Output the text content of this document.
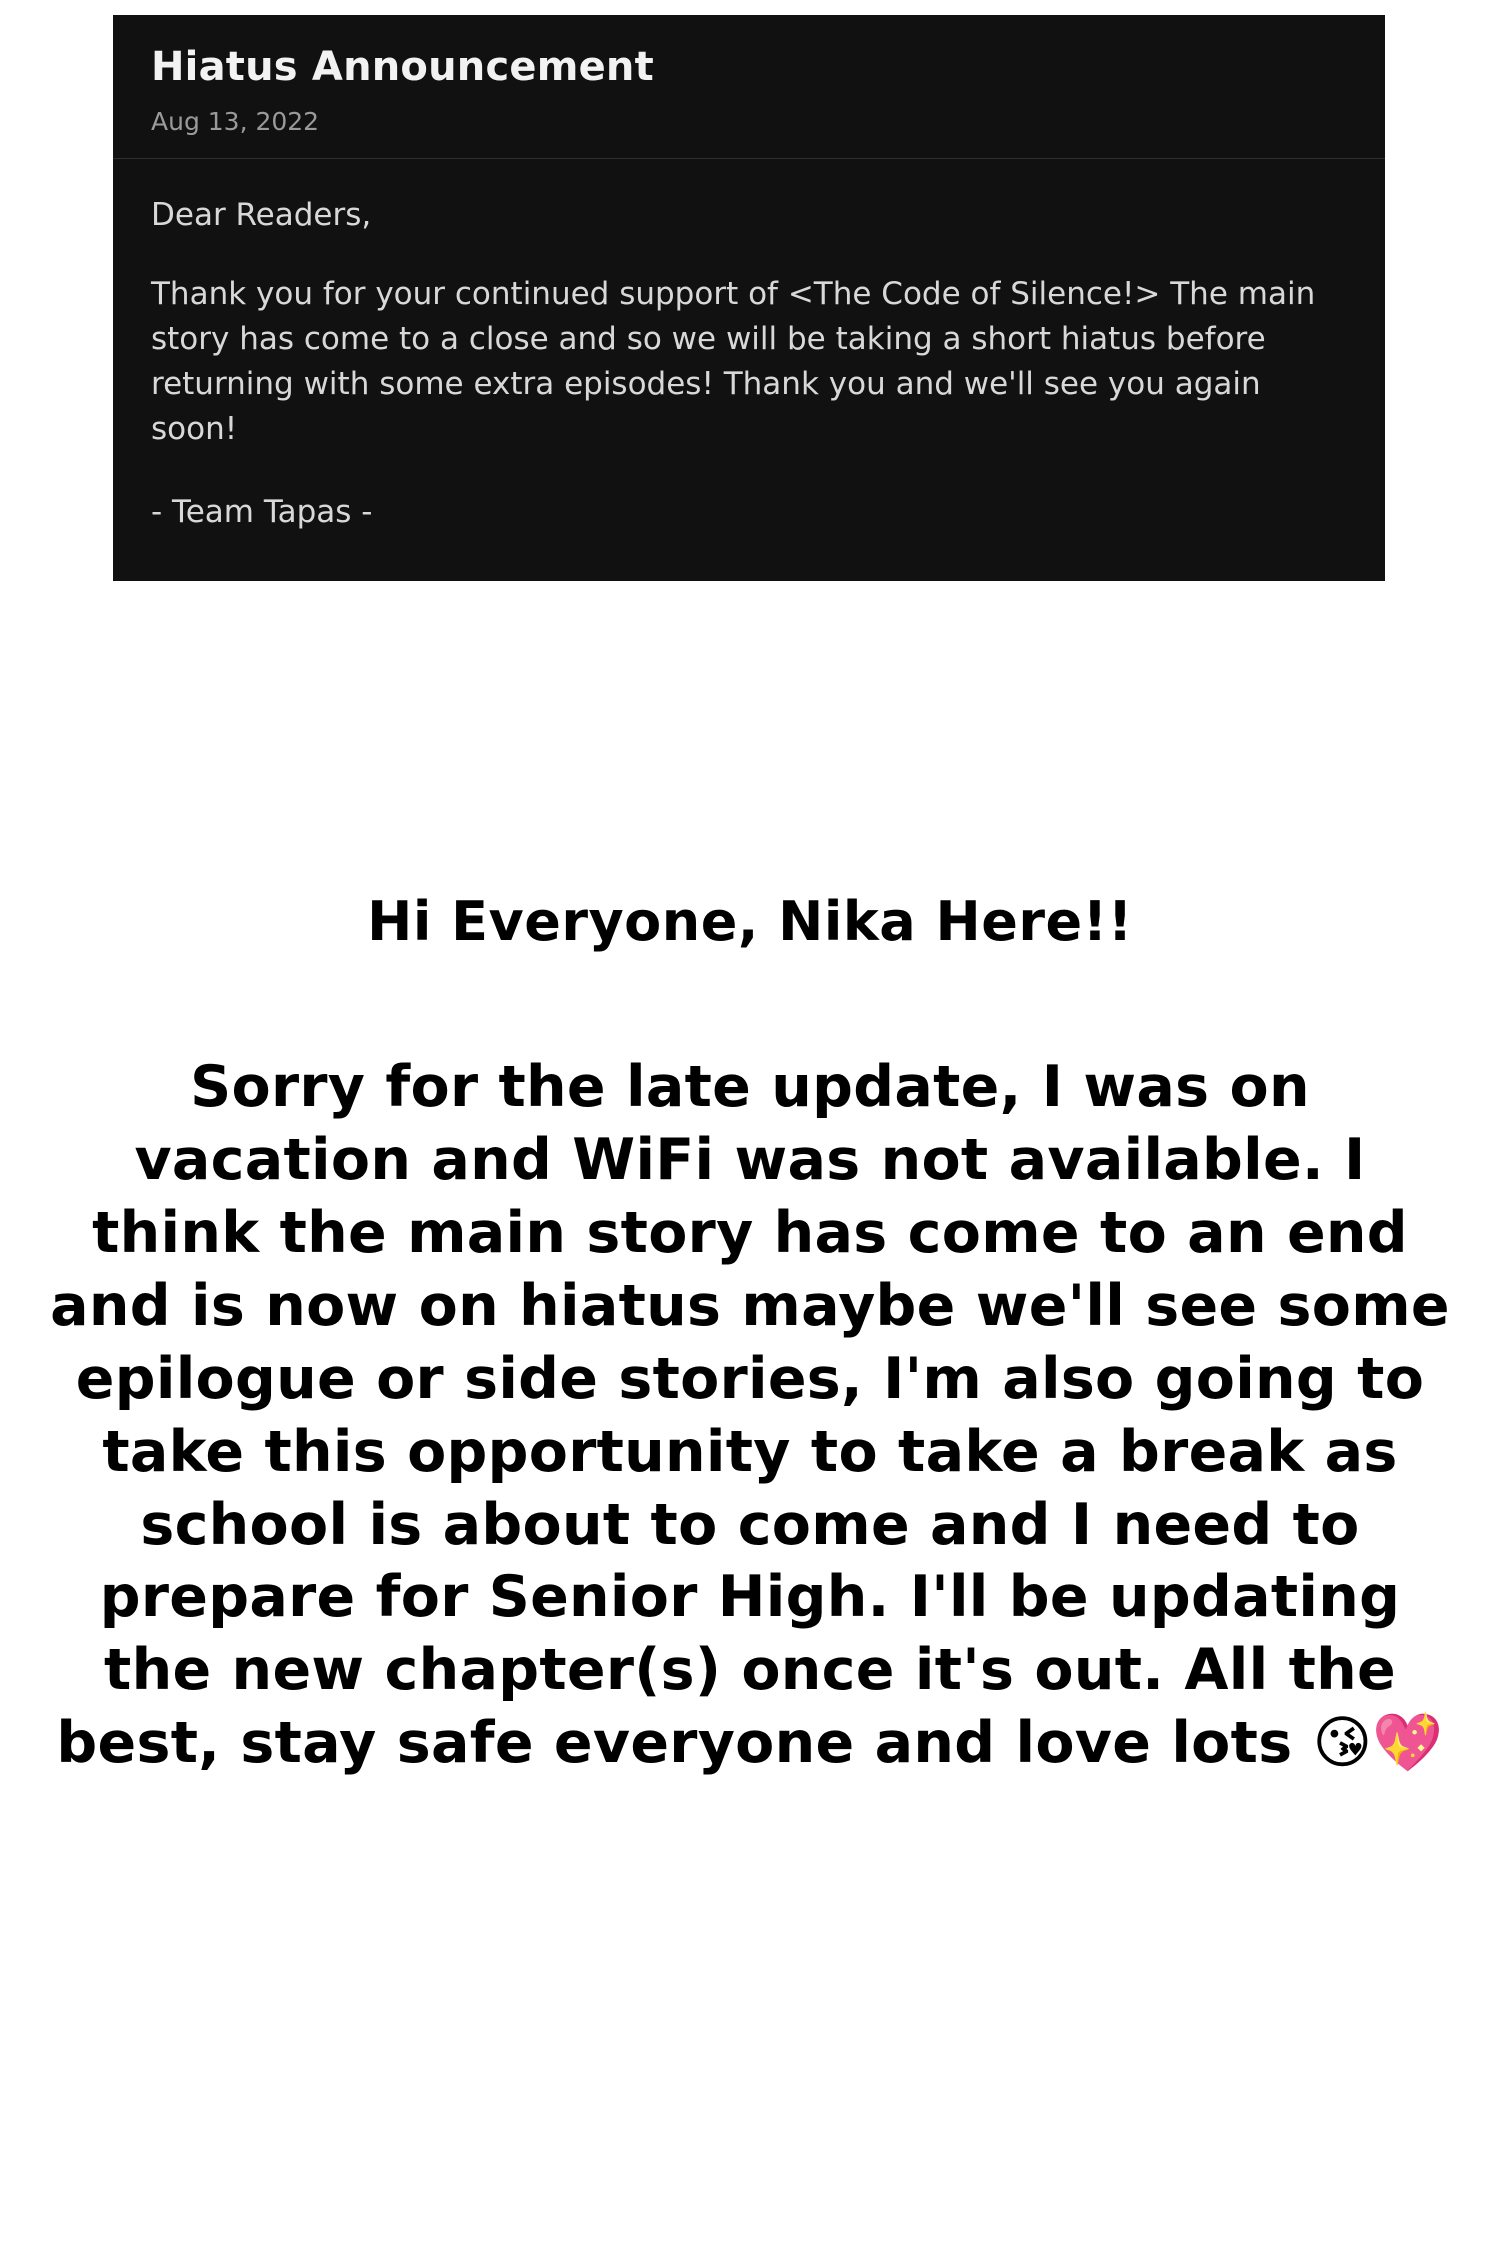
Hiatus Announcement
Aug 13, 2022

Dear Readers,

Thank you for your continued support of <The Code of Silence!> The main story has come to a close and so we will be taking a short hiatus before returning with some extra episodes! Thank you and we'll see you again soon!

- Team Tapas -
Hi Everyone, Nika Here!!
Sorry for the late update, I was on vacation and WiFi was not available. I think the main story has come to an end and is now on hiatus maybe we'll see some epilogue or side stories, I'm also going to take this opportunity to take a break as school is about to come and I need to prepare for Senior High. I'll be updating the new chapter(s) once it's out. All the best, stay safe everyone and love lots 😘💖
